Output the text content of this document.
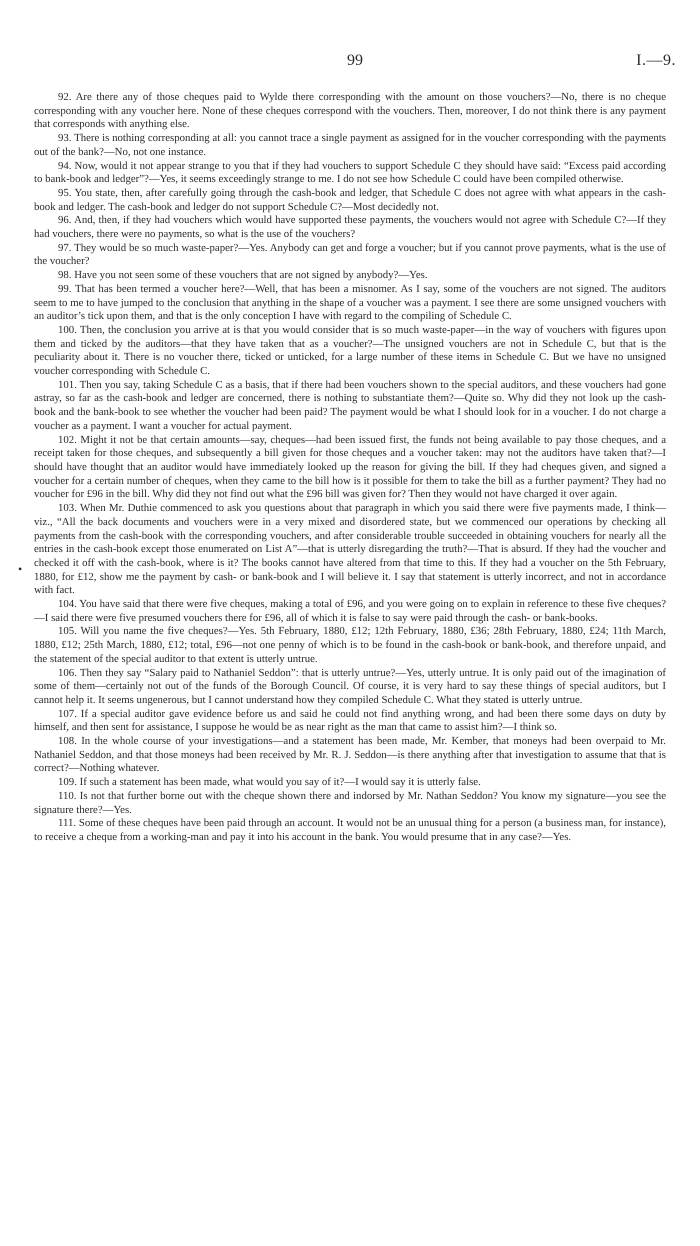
99	I.—9.
•

92. Are there any of those cheques paid to Wylde there corresponding with the amount on those vouchers?—No, there is no cheque corresponding with any voucher here. None of these cheques correspond with the vouchers. Then, moreover, I do not think there is any payment that corresponds with anything else.

93. There is nothing corresponding at all: you cannot trace a single payment as assigned for in the voucher corresponding with the payments out of the bank?—No, not one instance.

94. Now, would it not appear strange to you that if they had vouchers to support Schedule C they should have said: “Excess paid according to bank-book and ledger”?—Yes, it seems exceedingly strange to me. I do not see how Schedule C could have been compiled otherwise.

95. You state, then, after carefully going through the cash-book and ledger, that Schedule C does not agree with what appears in the cash-book and ledger. The cash-book and ledger do not support Schedule C?—Most decidedly not.

96. And, then, if they had vouchers which would have supported these payments, the vouchers would not agree with Schedule C?—If they had vouchers, there were no payments, so what is the use of the vouchers?

97. They would be so much waste-paper?—Yes. Anybody can get and forge a voucher; but if you cannot prove payments, what is the use of the voucher?

98. Have you not seen some of these vouchers that are not signed by anybody?—Yes.

99. That has been termed a voucher here?—Well, that has been a misnomer. As I say, some of the vouchers are not signed. The auditors seem to me to have jumped to the conclusion that anything in the shape of a voucher was a payment. I see there are some unsigned vouchers with an auditor’s tick upon them, and that is the only conception I have with regard to the compiling of Schedule C.

100. Then, the conclusion you arrive at is that you would consider that is so much waste-paper—in the way of vouchers with figures upon them and ticked by the auditors—that they have taken that as a voucher?—The unsigned vouchers are not in Schedule C, but that is the peculiarity about it. There is no voucher there, ticked or unticked, for a large number of these items in Schedule C. But we have no unsigned voucher corresponding with Schedule C.

101. Then you say, taking Schedule C as a basis, that if there had been vouchers shown to the special auditors, and these vouchers had gone astray, so far as the cash-book and ledger are concerned, there is nothing to substantiate them?—Quite so. Why did they not look up the cash-book and the bank-book to see whether the voucher had been paid? The payment would be what I should look for in a voucher. I do not charge a voucher as a payment. I want a voucher for actual payment.

102. Might it not be that certain amounts—say, cheques—had been issued first, the funds not being available to pay those cheques, and a receipt taken for those cheques, and subsequently a bill given for those cheques and a voucher taken: may not the auditors have taken that?—I should have thought that an auditor would have immediately looked up the reason for giving the bill. If they had cheques given, and signed a voucher for a certain number of cheques, when they came to the bill how is it possible for them to take the bill as a further payment? They had no voucher for £96 in the bill. Why did they not find out what the £96 bill was given for? Then they would not have charged it over again.

103. When Mr. Duthie commenced to ask you questions about that paragraph in which you said there were five payments made, I think—viz., “All the back documents and vouchers were in a very mixed and disordered state, but we commenced our operations by checking all payments from the cash-book with the corresponding vouchers, and after considerable trouble succeeded in obtaining vouchers for nearly all the entries in the cash-book except those enumerated on List A”—that is utterly disregarding the truth?—That is absurd. If they had the voucher and checked it off with the cash-book, where is it? The books cannot have altered from that time to this. If they had a voucher on the 5th February, 1880, for £12, show me the payment by cash- or bank-book and I will believe it. I say that statement is utterly incorrect, and not in accordance with fact.

104. You have said that there were five cheques, making a total of £96, and you were going on to explain in reference to these five cheques?—I said there were five presumed vouchers there for £96, all of which it is false to say were paid through the cash- or bank-books.

105. Will you name the five cheques?—Yes. 5th February, 1880, £12; 12th February, 1880, £36; 28th February, 1880, £24; 11th March, 1880, £12; 25th March, 1880, £12; total, £96—not one penny of which is to be found in the cash-book or bank-book, and therefore unpaid, and the statement of the special auditor to that extent is utterly untrue.

106. Then they say “Salary paid to Nathaniel Seddon”: that is utterly untrue?—Yes, utterly untrue. It is only paid out of the imagination of some of them—certainly not out of the funds of the Borough Council. Of course, it is very hard to say these things of special auditors, but I cannot help it. It seems ungenerous, but I cannot understand how they compiled Schedule C. What they stated is utterly untrue.

107. If a special auditor gave evidence before us and said he could not find anything wrong, and had been there some days on duty by himself, and then sent for assistance, I suppose he would be as near right as the man that came to assist him?—I think so.

108. In the whole course of your investigations—and a statement has been made, Mr. Kember, that moneys had been overpaid to Mr. Nathaniel Seddon, and that those moneys had been received by Mr. R. J. Seddon—is there anything after that investigation to assume that that is correct?—Nothing whatever.

109. If such a statement has been made, what would you say of it?—I would say it is utterly false.

110. Is not that further borne out with the cheque shown there and indorsed by Mr. Nathan Seddon? You know my signature—you see the signature there?—Yes.

111. Some of these cheques have been paid through an account. It would not be an unusual thing for a person (a business man, for instance), to receive a cheque from a working-man and pay it into his account in the bank. You would presume that in any case?—Yes.
